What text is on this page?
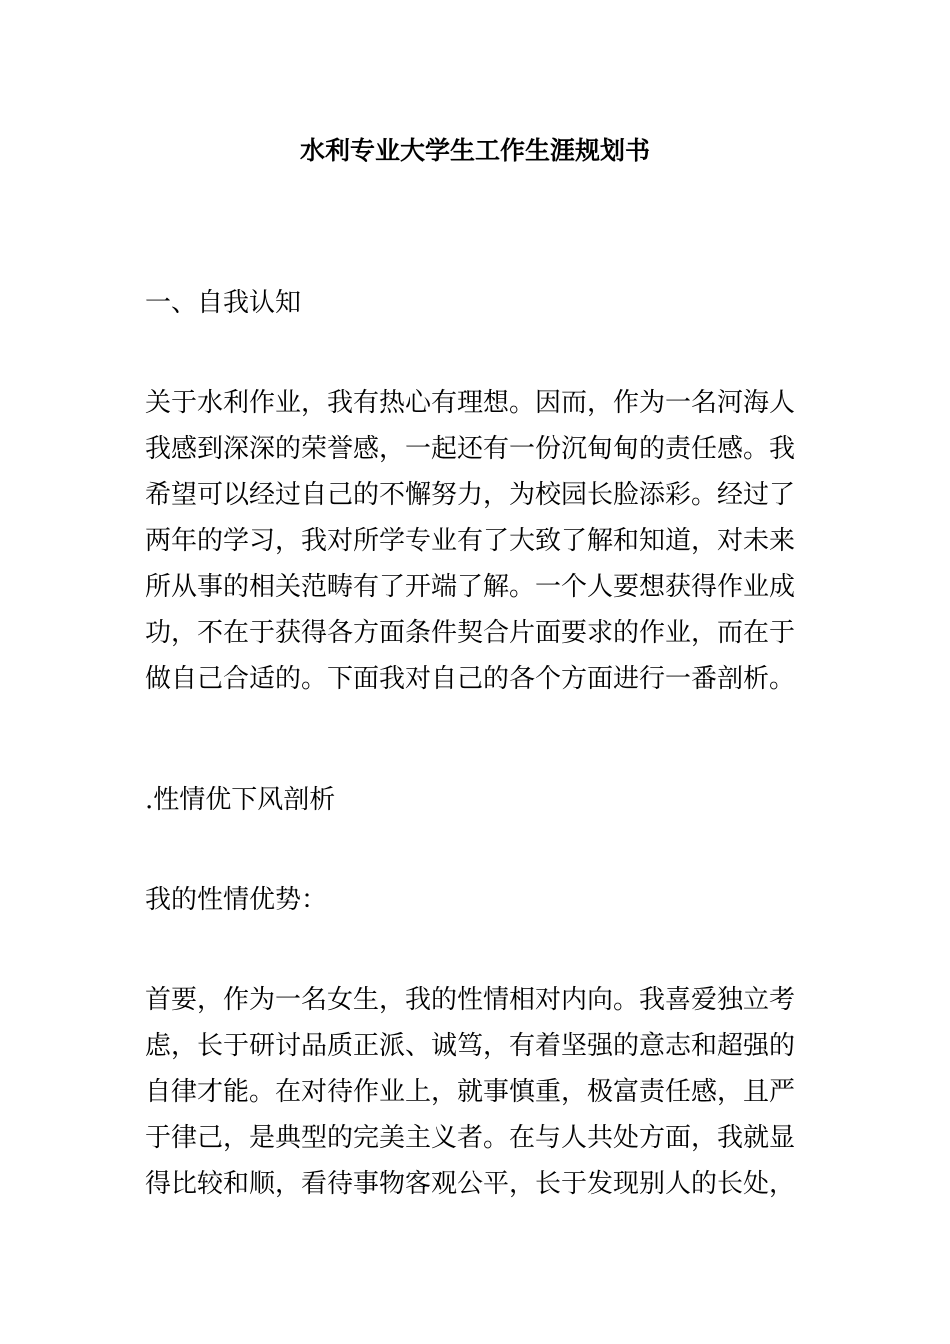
水利专业大学生工作生涯规划书

一、自我认知

关于水利作业，我有热心有理想。因而，作为一名河海人
我感到深深的荣誉感，一起还有一份沉甸甸的责任感。我
希望可以经过自己的不懈努力，为校园长脸添彩。经过了
两年的学习，我对所学专业有了大致了解和知道，对未来
所从事的相关范畴有了开端了解。一个人要想获得作业成
功，不在于获得各方面条件契合片面要求的作业，而在于
做自己合适的。下面我对自己的各个方面进行一番剖析。

.性情优下风剖析

我的性情优势：

首要，作为一名女生，我的性情相对内向。我喜爱独立考
虑，长于研讨品质正派、诚笃，有着坚强的意志和超强的
自律才能。在对待作业上，就事慎重，极富责任感，且严
于律己，是典型的完美主义者。在与人共处方面，我就显
得比较和顺，看待事物客观公平，长于发现别人的长处，
